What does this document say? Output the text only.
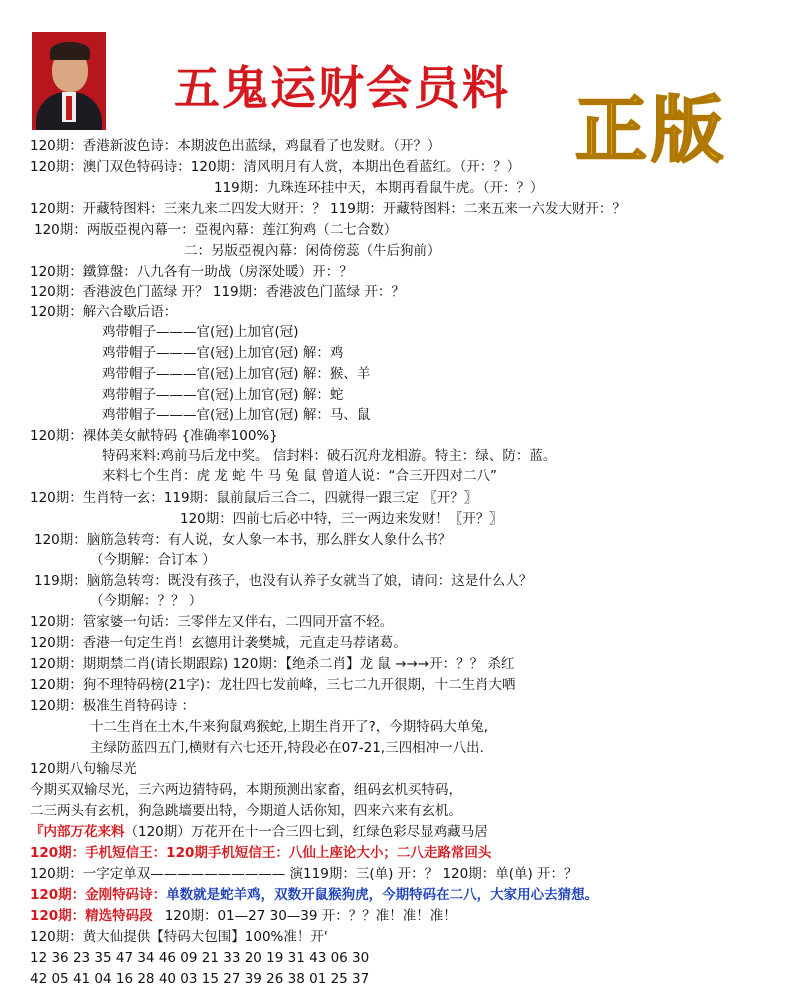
五鬼运财会员料 正版
120期：香港新波色诗：本期波色出蓝绿，鸡鼠看了也发财。（开？）
120期：澳门双色特码诗：120期：清风明月有人赏，本期出色看蓝红。（开：？）
119期：九珠连环挂中天，本期再看鼠牛虎。（开：？）
120期：开藏特图料：三来九来二四发大财开：？ 119期：开藏特图料：二来五来一六发大财开：？
120期：两版亞視內幕一：亞視內幕：莲江狗鸡（二七合数）
二：另版亞視內幕：闲倚傍蕊（牛后狗前）
120期：鐵算盤：八九各有一助战（房深处暖）开：？
120期：香港波色门蓝绿 开？ 119期：香港波色门蓝绿 开：？
120期：解六合歇后语：
鸡带帽子———官(冠)上加官(冠)
鸡带帽子———官(冠)上加官(冠) 解：鸡
鸡带帽子———官(冠)上加官(冠) 解：猴、羊
鸡带帽子———官(冠)上加官(冠) 解：蛇
鸡带帽子———官(冠)上加官(冠) 解：马、鼠
120期：裸体美女献特码 {准确率100%}
特码来料:鸡前马后龙中奖。 信封料：破石沉舟龙相游。特主：绿、防：蓝。
来料七个生肖：虎 龙 蛇 牛 马 兔 鼠 曾道人说：“合三开四对二八”
120期：生肖特一玄：119期：鼠前鼠后三合二，四就得一跟三定 〖开？〗
120期：四前七后必中特，三一两边来发财！〖开？〗
120期：脑筋急转弯：有人说，女人象一本书，那么胖女人象什么书？
（今期解：合订本 ）
119期：脑筋急转弯：既没有孩子，也没有认养子女就当了娘，请问：这是什么人？
（今期解：？？ ）
120期：管家婆一句话：三零伴左又伴右，二四同开富不轻。
120期：香港一句定生肖！玄德用计袭樊城，元直走马荐诸葛。
120期：期期禁二肖(请长期跟踪) 120期：【绝杀二肖】龙 鼠 →→→开：？？ 杀红
120期：狗不理特码榜(21字)：龙壮四七发前峰，三七二九开很期，十二生肖大哂
120期：极准生肖特码诗 ：
十二生肖在土木,牛来狗鼠鸡猴蛇,上期生肖开了?，今期特码大单兔,
主绿防蓝四五门,横财有六七还开,特段必在07-21,三四相冲一八出.
120期八句输尽光
今期买双输尽光，三六两边猜特码，本期预测出家畜，组码玄机买特码，
二三两头有玄机，狗急跳墙要出特，今期道人话你知，四来六来有玄机。
『内部万花来料（120期）万花开在十一合三四七到，红绿色彩尽显鸡藏马居
120期：手机短信王：120期手机短信王：八仙上座论大小；二八走路常回头
120期：一字定单双—————————— 演119期：三(单) 开：？ 120期：单(单) 开：？
120期：金刚特码诗：单数就是蛇羊鸡，双数开鼠猴狗虎，今期特码在二八，大家用心去猜想。
120期：精选特码段 120期：01—27 30—39 开：？？准！准！准！
120期：黄大仙提供【特码大包围】100%准！开'
12 36 23 35 47 34 46 09 21 33 20 19 31 43 06 30
42 05 41 04 16 28 40 03 15 27 39 26 38 01 25 37
